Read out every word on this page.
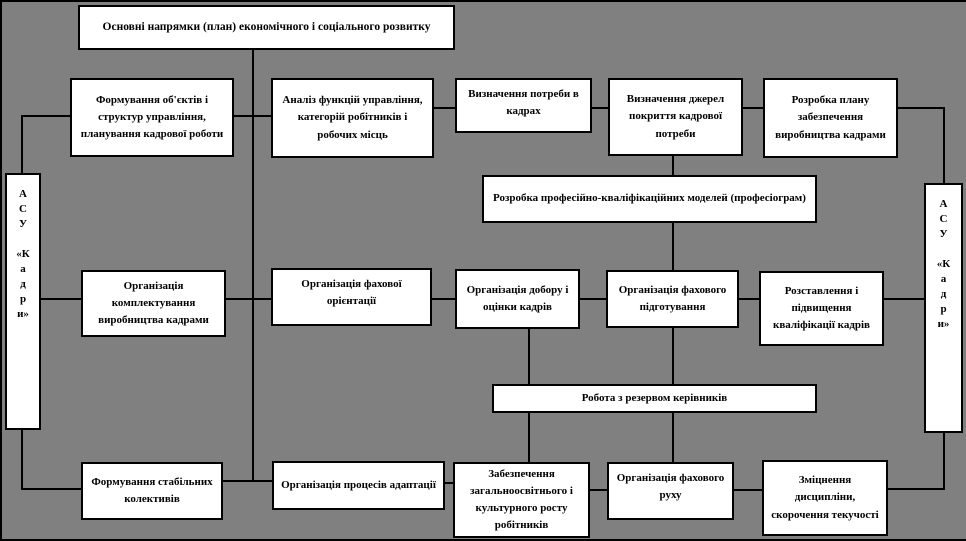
Основні напрямки (план) економічного і соціального розвитку
А
С
У
«К
а
д
р
и»
А
С
У
«К
а
д
р
и»
Формування об'єктів і структур управління, планування кадрової роботи
Аналіз функцій управління, категорій робітників і робочих місць
Визначення потреби в кадрах
Визначення джерел покриття кадрової потреби
Розробка плану забезпечення виробництва кадрами
Розробка професійно-кваліфікаційних моделей (професіограм)
Організація комплектування виробництва кадрами
Організація фахової орієнтації
Організація добору і оцінки кадрів
Організація фахового підготування
Розставлення і підвищення кваліфікації кадрів
Робота з резервом керівників
Формування стабільних колективів
Організація процесів адаптації
Забезпечення загальноосвітнього і культурного росту робітників
Організація фахового руху
Зміцнення дисципліни, скорочення текучості
